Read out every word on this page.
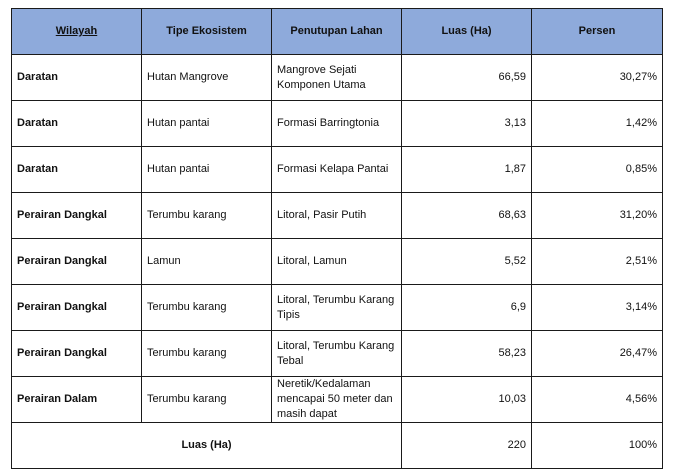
Wilayah	Tipe Ekosistem	Penutupan Lahan	Luas (Ha)	Persen
Daratan	Hutan Mangrove	Mangrove Sejati Komponen Utama	66,59	30,27%
Daratan	Hutan pantai	Formasi Barringtonia	3,13	1,42%
Daratan	Hutan pantai	Formasi Kelapa Pantai	1,87	0,85%
Perairan Dangkal	Terumbu karang	Litoral, Pasir Putih	68,63	31,20%
Perairan Dangkal	Lamun	Litoral, Lamun	5,52	2,51%
Perairan Dangkal	Terumbu karang	Litoral, Terumbu Karang Tipis	6,9	3,14%
Perairan Dangkal	Terumbu karang	Litoral, Terumbu Karang Tebal	58,23	26,47%
Perairan Dalam	Terumbu karang	Neretik/Kedalaman mencapai 50 meter dan masih dapat	10,03	4,56%
Luas (Ha)			220	100%
